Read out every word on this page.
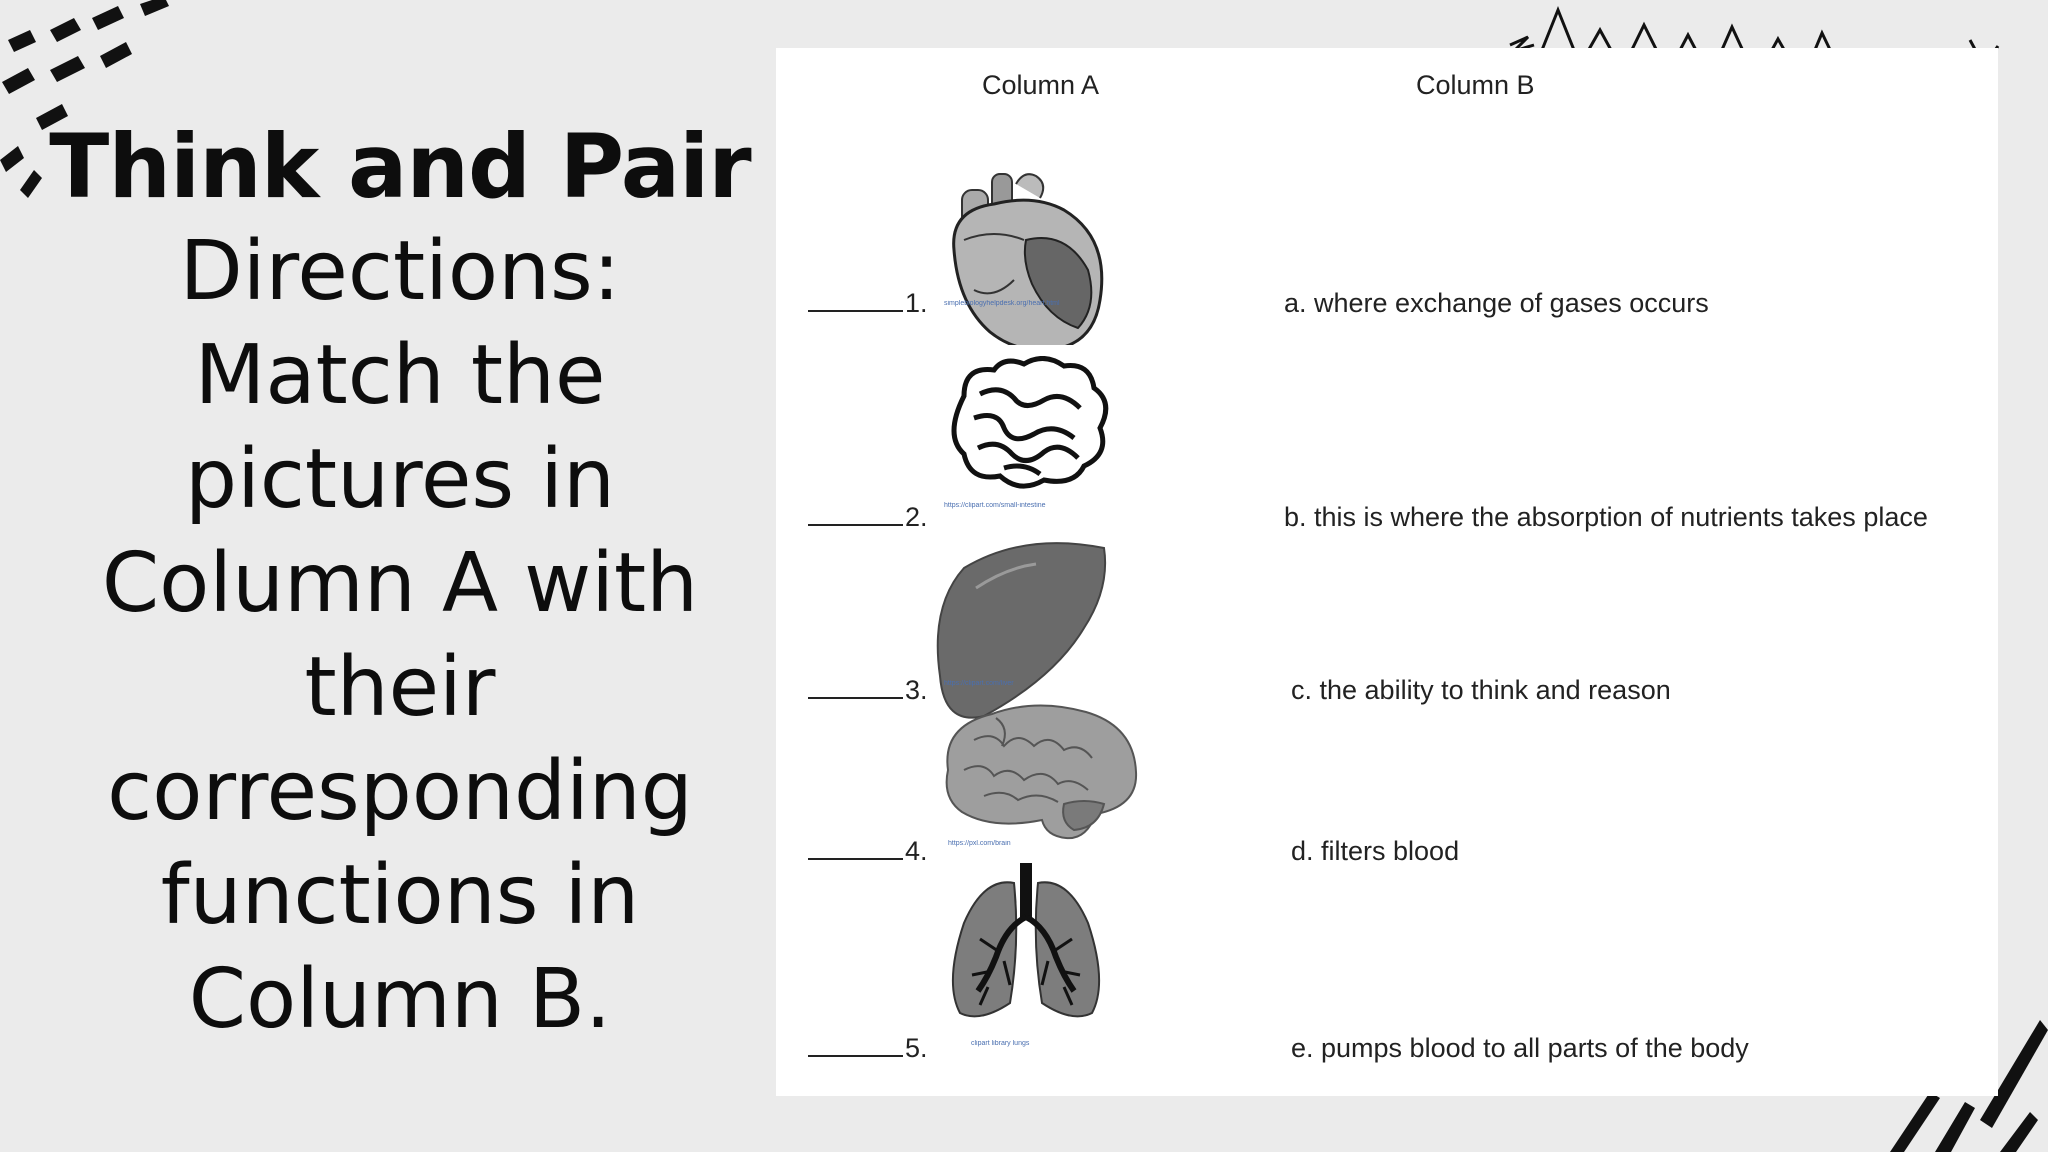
Think and Pair
Directions:
Match the
pictures in
Column A with
their
corresponding
functions in
Column B.
Column A	Column B
1. simplebiologyhelpdesk.org/heart.html	a. where exchange of gases occurs
2. https://clipart.com/small-intestine	b. this is where the absorption of nutrients takes place
3. https://clipart.com/liver	c. the ability to think and reason
4.	https://pxl.com/brain	d. filters blood
5.	clipart library lungs	e. pumps blood to all parts of the body
